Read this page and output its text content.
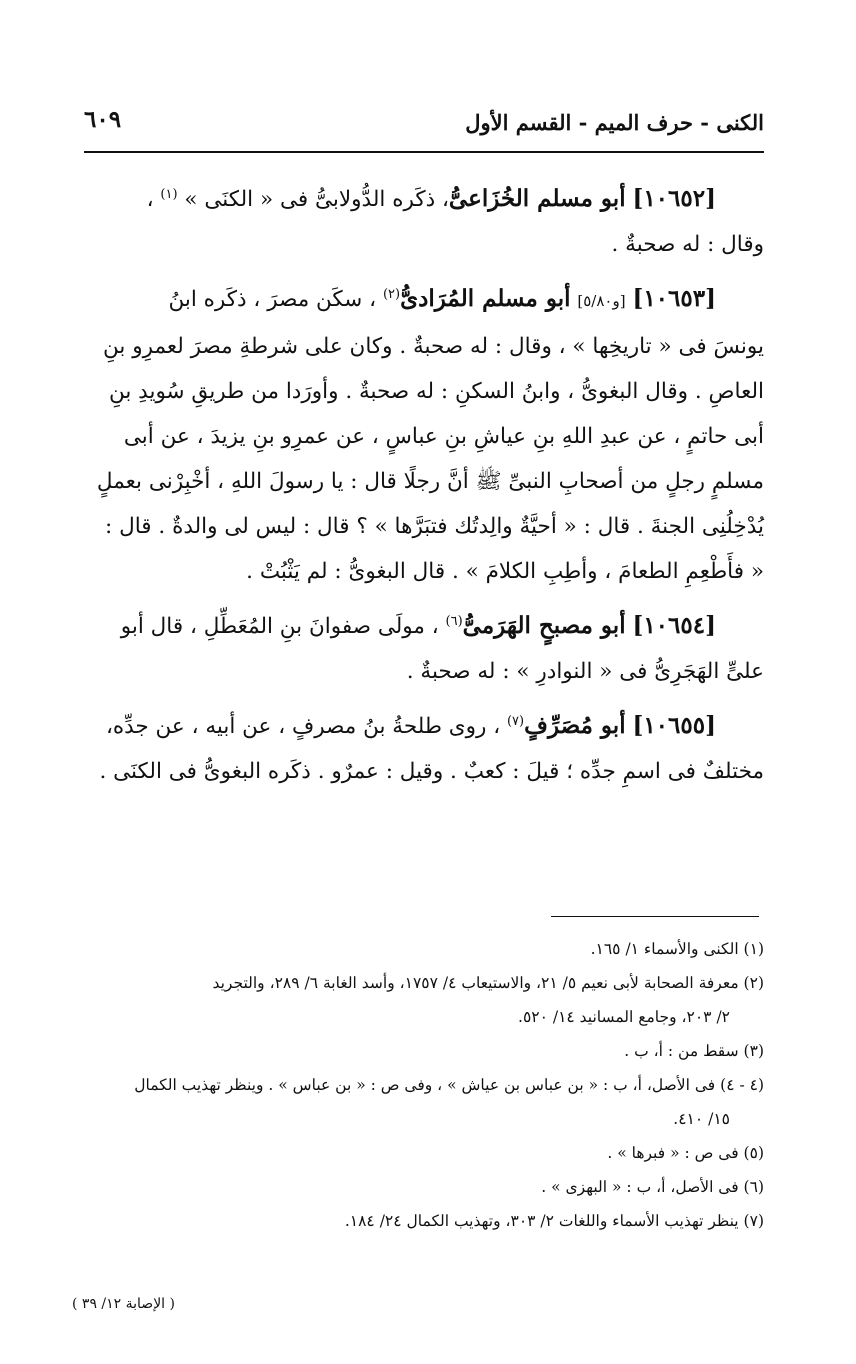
الكنى - حرف الميم - القسم الأول
٦٠٩

[١٠٦٥٢] أبو مسلم الخُزَاعىُّ، ذكَره الدُّولابىُّ فى « الكنَى » $^{(١)}$ ،

وقال : له صحبةٌ .

[١٠٦٥٣] [و٥/٨٠] أبو مسلم المُرَادىُّ$^{(٢)}$ ، سكَن مصرَ ، ذكَره ابنُ

يونسَ فى « تاريخِها » ، وقال : له صحبةٌ . وكان على شرطةِ مصرَ لعمرِو بنِ

العاصِ . وقال البغوىُّ ، وابنُ السكنِ : له صحبةٌ . وأورَدا من طريقِ سُويدِ بنِ

أبى حاتمٍ ، عن عبدِ اللهِ بنِ عياشِ بنِ عباسٍ ، عن عمرِو بنِ يزيدَ ، عن أبى

مسلمٍ رجلٍ من أصحابِ النبىِّ ﷺ أنَّ رجلًا قال : يا رسولَ اللهِ ، أخْبِرْنى بعملٍ

يُدْخِلُنِى الجنةَ . قال : « أحيَّةٌ والِدتُك فتبَرَّها » ؟ قال : ليس لى والدةٌ . قال :

« فأَطْعِمِ الطعامَ ، وأطِبِ الكلامَ » . قال البغوىُّ : لم يَثْبُتْ .

[١٠٦٥٤] أبو مصبحٍ الهَرَمىُّ$^{(٦)}$ ، مولَى صفوانَ بنِ المُعَطِّلِ ، قال أبو

علىٍّ الهَجَرِىُّ فى « النوادرِ » : له صحبةٌ .

[١٠٦٥٥] أبو مُصَرِّفٍ$^{(٧)}$ ، روى طلحةُ بنُ مصرفٍ ، عن أبيه ، عن جدِّه،

مختلفٌ فى اسمِ جدِّه ؛ قيلَ : كعبٌ . وقيل : عمرٌو . ذكَره البغوىُّ فى الكنَى .

(١) الكنى والأسماء ١/ ١٦٥.

(٢) معرفة الصحابة لأبى نعيم ٥/ ٢١، والاستيعاب ٤/ ١٧٥٧، وأسد الغابة ٦/ ٢٨٩، والتجريد

٢/ ٢٠٣، وجامع المسانيد ١٤/ ٥٢٠.

(٣) سقط من : أ، ب .

(٤ - ٤) فى الأصل، أ، ب : « بن عباس بن عياش » ، وفى ص : « بن عباس » . وينظر تهذيب الكمال

١٥/ ٤١٠.

(٥) فى ص : « فبرها » .

(٦) فى الأصل، أ، ب : « البهزى » .

(٧) ينظر تهذيب الأسماء واللغات ٢/ ٣٠٣، وتهذيب الكمال ٢٤/ ١٨٤.

( الإصابة ١٢/ ٣٩ )
